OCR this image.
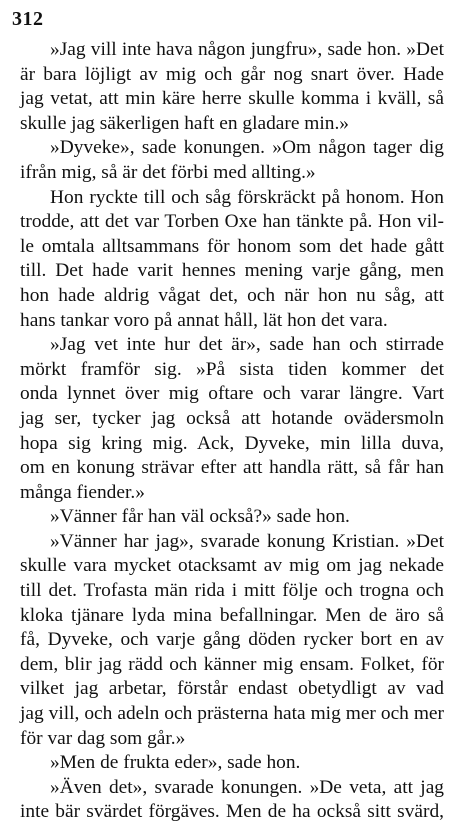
312
»Jag vill inte hava någon jungfru», sade hon. »Det
är bara löjligt av mig och går nog snart över. Hade
jag vetat, att min käre herre skulle komma i kväll, så
skulle jag säkerligen haft en gladare min.»
»Dyveke», sade konungen. »Om någon tager dig
ifrån mig, så är det förbi med allting.»
Hon ryckte till och såg förskräckt på honom. Hon
trodde, att det var Torben Oxe han tänkte på. Hon vil-
le omtala alltsammans för honom som det hade gått
till. Det hade varit hennes mening varje gång, men
hon hade aldrig vågat det, och när hon nu såg, att
hans tankar voro på annat håll, lät hon det vara.
»Jag vet inte hur det är», sade han och stirrade
mörkt framför sig. »På sista tiden kommer det
onda lynnet över mig oftare och varar längre. Vart
jag ser, tycker jag också att hotande ovädersmoln
hopa sig kring mig. Ack, Dyveke, min lilla duva,
om en konung strävar efter att handla rätt, så får han
många fiender.»
»Vänner får han väl också?» sade hon.
»Vänner har jag», svarade konung Kristian. »Det
skulle vara mycket otacksamt av mig om jag nekade
till det. Trofasta män rida i mitt följe och trogna och
kloka tjänare lyda mina befallningar. Men de äro så
få, Dyveke, och varje gång döden rycker bort en av
dem, blir jag rädd och känner mig ensam. Folket, för
vilket jag arbetar, förstår endast obetydligt av vad
jag vill, och adeln och prästerna hata mig mer och mer
för var dag som går.»
»Men de frukta eder», sade hon.
»Även det», svarade konungen. »De veta, att jag
inte bär svärdet förgäves. Men de ha också sitt svärd,
